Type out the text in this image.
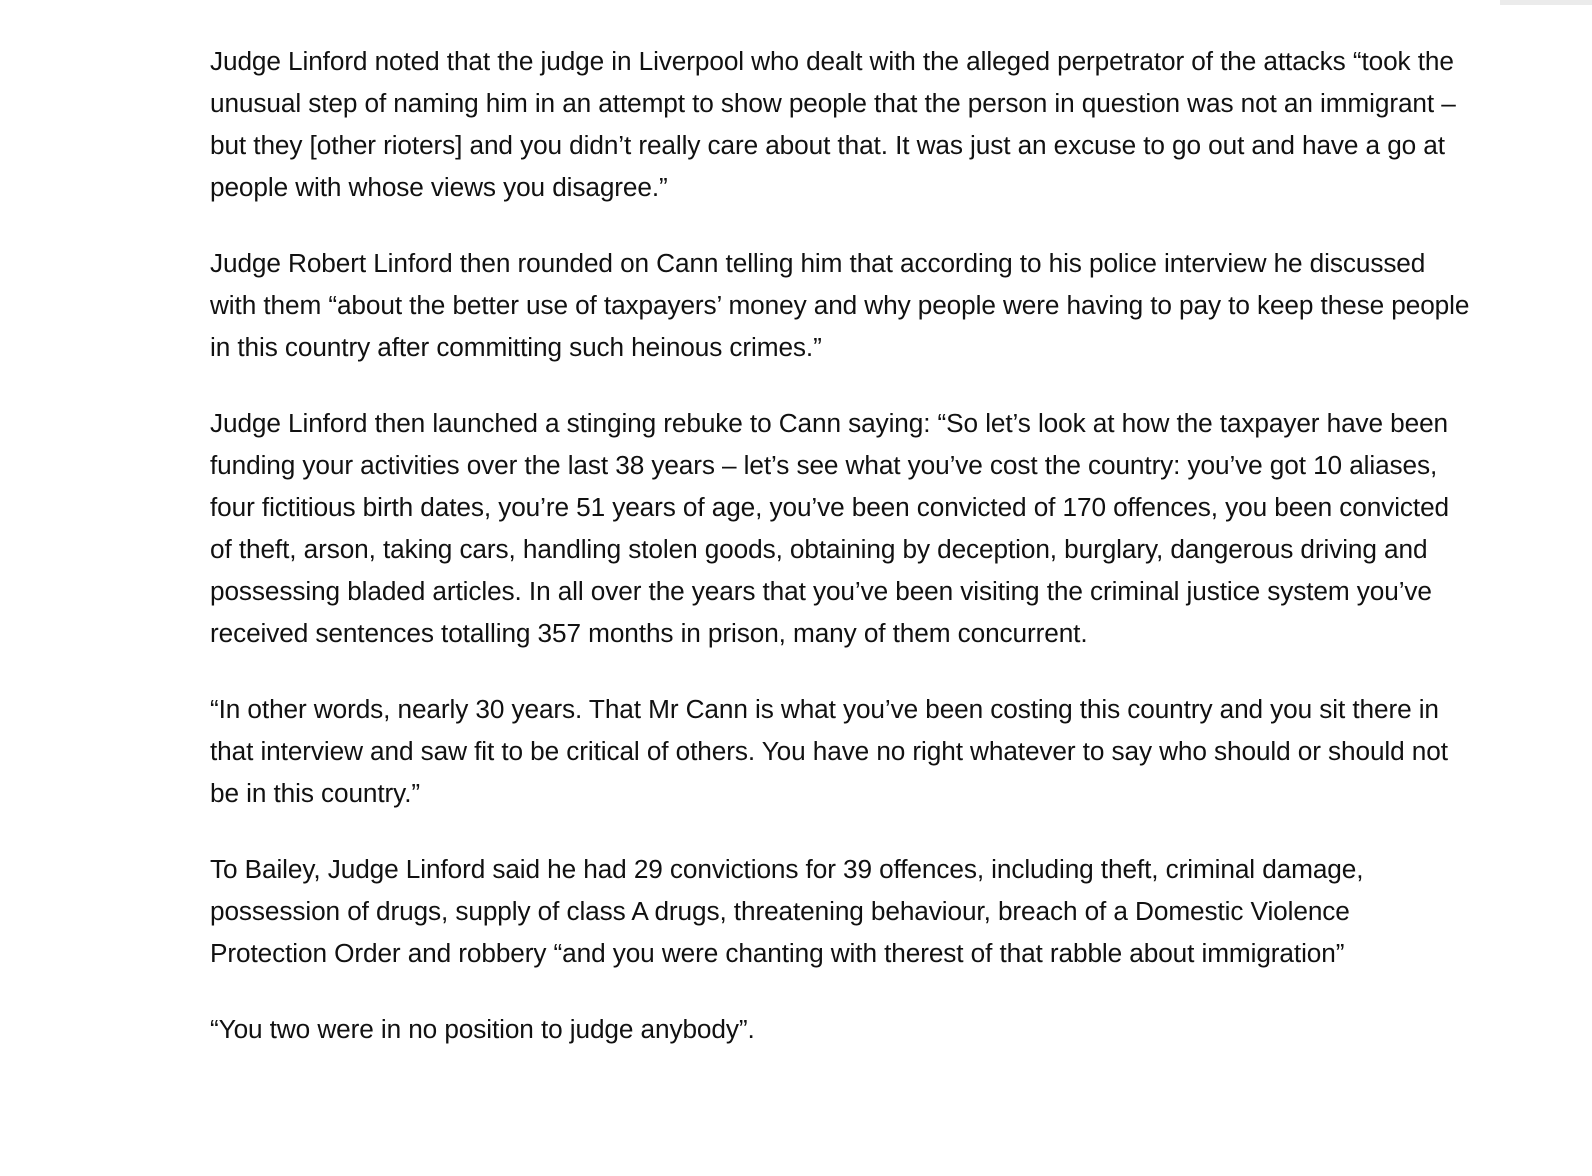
Judge Linford noted that the judge in Liverpool who dealt with the alleged perpetrator of the attacks “took the unusual step of naming him in an attempt to show people that the person in question was not an immigrant – but they [other rioters] and you didn’t really care about that. It was just an excuse to go out and have a go at people with whose views you disagree.”

Judge Robert Linford then rounded on Cann telling him that according to his police interview he discussed with them “about the better use of taxpayers’ money and why people were having to pay to keep these people in this country after committing such heinous crimes.”

Judge Linford then launched a stinging rebuke to Cann saying: “So let’s look at how the taxpayer have been funding your activities over the last 38 years – let’s see what you’ve cost the country: you’ve got 10 aliases, four fictitious birth dates, you’re 51 years of age, you’ve been convicted of 170 offences, you been convicted of theft, arson, taking cars, handling stolen goods, obtaining by deception, burglary, dangerous driving and possessing bladed articles. In all over the years that you’ve been visiting the criminal justice system you’ve received sentences totalling 357 months in prison, many of them concurrent.

“In other words, nearly 30 years. That Mr Cann is what you’ve been costing this country and you sit there in that interview and saw fit to be critical of others. You have no right whatever to say who should or should not be in this country.”

To Bailey, Judge Linford said he had 29 convictions for 39 offences, including theft, criminal damage, possession of drugs, supply of class A drugs, threatening behaviour, breach of a Domestic Violence Protection Order and robbery “and you were chanting with therest of that rabble about immigration”

“You two were in no position to judge anybody”.
